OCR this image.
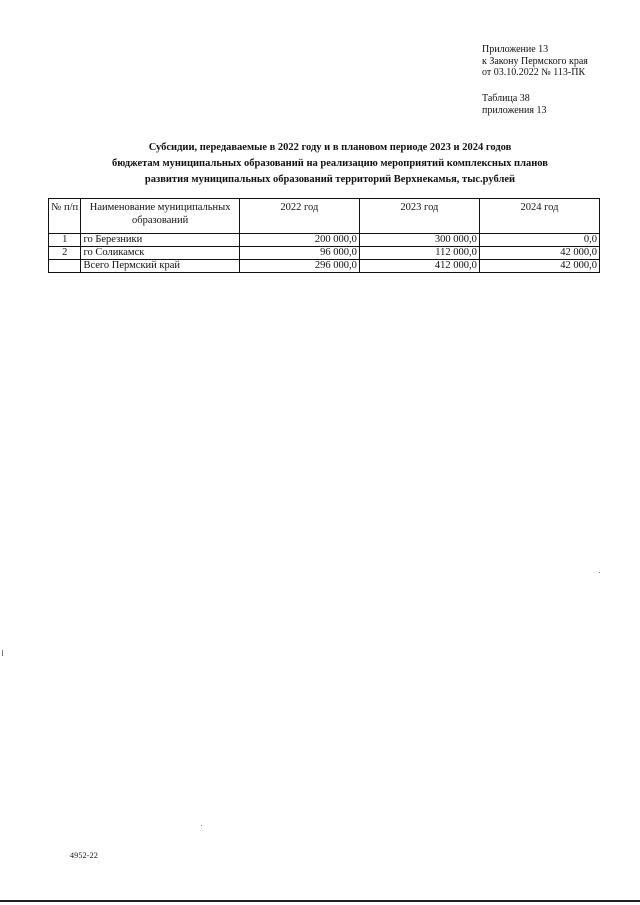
Приложение 13
к Закону Пермского края
от 03.10.2022 № 113-ПК
Таблица 38
приложения 13
Субсидии, передаваемые в 2022 году и в плановом периоде 2023 и 2024 годов
бюджетам муниципальных образований на реализацию мероприятий комплексных планов
развития муниципальных образований территорий Верхнекамья, тыс.рублей
№ п/п	Наименование муниципальных образований	2022 год	2023 год	2024 год
1	го Березники	200 000,0	300 000,0	0,0
2	го Соликамск	96 000,0	112 000,0	42 000,0
	Всего Пермский край	296 000,0	412 000,0	42 000,0
4952-22
